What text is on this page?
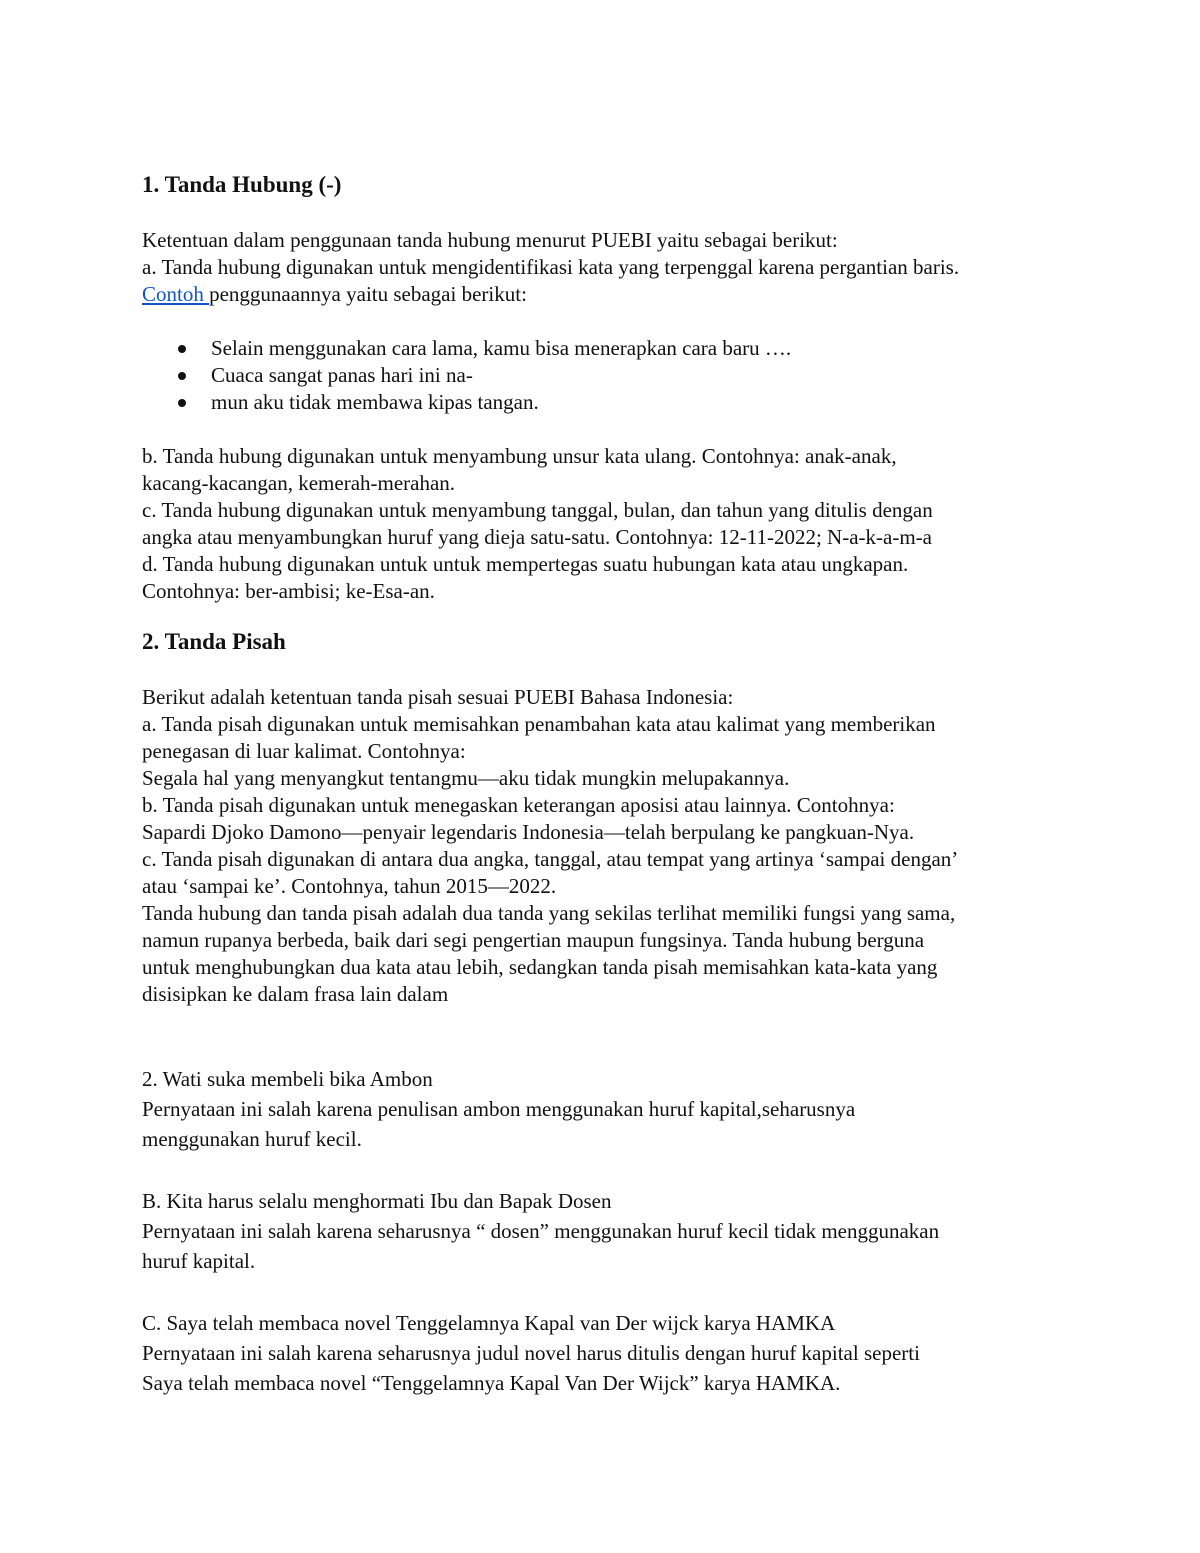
1. Tanda Hubung (-)

Ketentuan dalam penggunaan tanda hubung menurut PUEBI yaitu sebagai berikut:

a. Tanda hubung digunakan untuk mengidentifikasi kata yang terpenggal karena pergantian baris.

Contoh penggunaannya yaitu sebagai berikut:

Selain menggunakan cara lama, kamu bisa menerapkan cara baru ….
Cuaca sangat panas hari ini na-
mun aku tidak membawa kipas tangan.

b. Tanda hubung digunakan untuk menyambung unsur kata ulang. Contohnya: anak-anak,

kacang-kacangan, kemerah-merahan.

c. Tanda hubung digunakan untuk menyambung tanggal, bulan, dan tahun yang ditulis dengan

angka atau menyambungkan huruf yang dieja satu-satu. Contohnya: 12-11-2022; N-a-k-a-m-a

d. Tanda hubung digunakan untuk untuk mempertegas suatu hubungan kata atau ungkapan.

Contohnya: ber-ambisi; ke-Esa-an.

2. Tanda Pisah

Berikut adalah ketentuan tanda pisah sesuai PUEBI Bahasa Indonesia:

a. Tanda pisah digunakan untuk memisahkan penambahan kata atau kalimat yang memberikan

penegasan di luar kalimat. Contohnya:

Segala hal yang menyangkut tentangmu—aku tidak mungkin melupakannya.

b. Tanda pisah digunakan untuk menegaskan keterangan aposisi atau lainnya. Contohnya:

Sapardi Djoko Damono—penyair legendaris Indonesia—telah berpulang ke pangkuan-Nya.

c. Tanda pisah digunakan di antara dua angka, tanggal, atau tempat yang artinya ‘sampai dengan’

atau ‘sampai ke’. Contohnya, tahun 2015—2022.

Tanda hubung dan tanda pisah adalah dua tanda yang sekilas terlihat memiliki fungsi yang sama,

namun rupanya berbeda, baik dari segi pengertian maupun fungsinya. Tanda hubung berguna

untuk menghubungkan dua kata atau lebih, sedangkan tanda pisah memisahkan kata-kata yang

disisipkan ke dalam frasa lain dalam

2. Wati suka membeli bika Ambon

Pernyataan ini salah karena penulisan ambon menggunakan huruf kapital,seharusnya

menggunakan huruf kecil.

B. Kita harus selalu menghormati Ibu dan Bapak Dosen

Pernyataan ini salah karena seharusnya “ dosen” menggunakan huruf kecil tidak menggunakan

huruf kapital.

C. Saya telah membaca novel Tenggelamnya Kapal van Der wijck karya HAMKA

Pernyataan ini salah karena seharusnya judul novel harus ditulis dengan huruf kapital seperti

Saya telah membaca novel “Tenggelamnya Kapal Van Der Wijck” karya HAMKA.
